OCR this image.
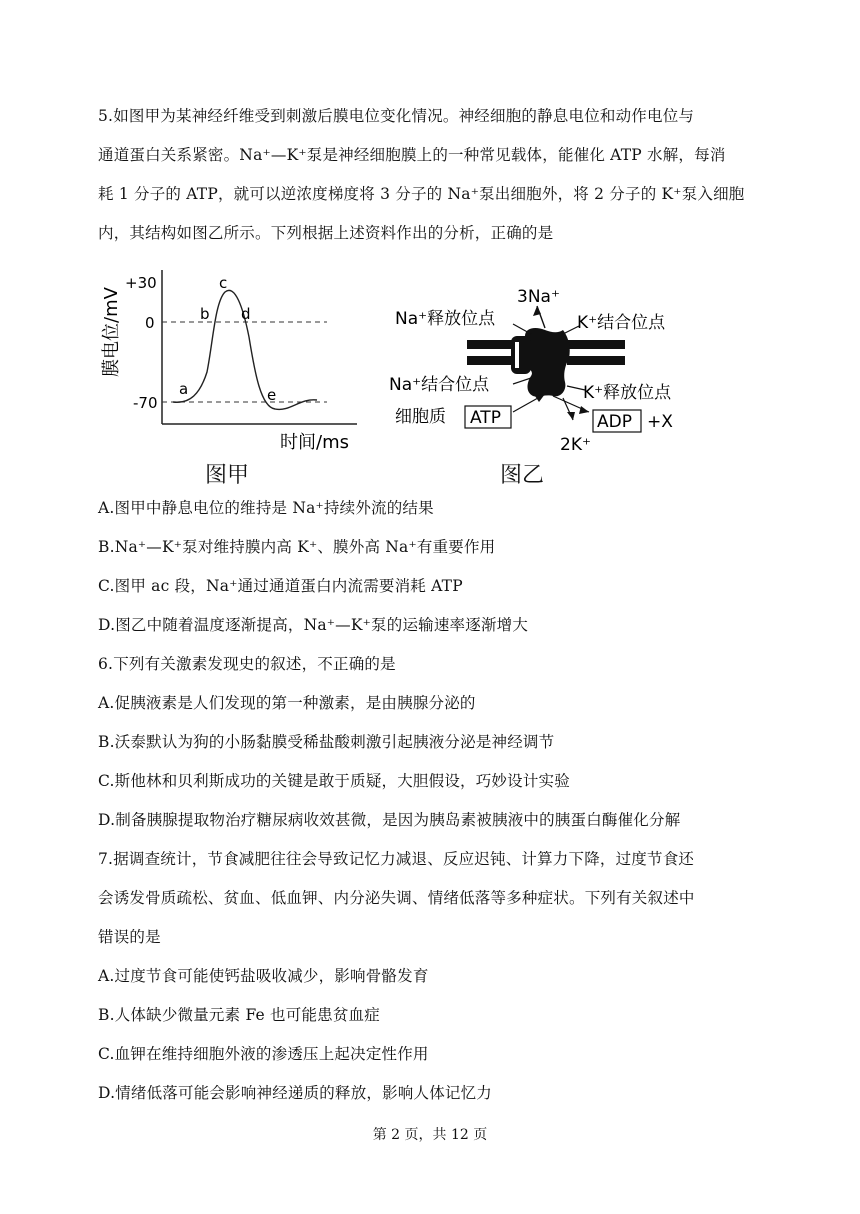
5.如图甲为某神经纤维受到刺激后膜电位变化情况。神经细胞的静息电位和动作电位与
通道蛋白关系紧密。Na⁺—K⁺泵是神经细胞膜上的一种常见载体，能催化 ATP 水解，每消
耗 1 分子的 ATP，就可以逆浓度梯度将 3 分子的 Na⁺泵出细胞外，将 2 分子的 K⁺泵入细胞
内，其结构如图乙所示。下列根据上述资料作出的分析，正确的是
膜电位/mV
+30
0
-70
a
b
c
d
e
时间/ms
图甲
3Na⁺
Na⁺释放位点	K⁺结合位点
Na⁺结合位点	K⁺释放位点
细胞质 ATP	ADP +X
2K⁺
图乙
A.图甲中静息电位的维持是 Na⁺持续外流的结果
B.Na⁺—K⁺泵对维持膜内高 K⁺、膜外高 Na⁺有重要作用
C.图甲 ac 段，Na⁺通过通道蛋白内流需要消耗 ATP
D.图乙中随着温度逐渐提高，Na⁺—K⁺泵的运输速率逐渐增大
6.下列有关激素发现史的叙述，不正确的是
A.促胰液素是人们发现的第一种激素，是由胰腺分泌的
B.沃泰默认为狗的小肠黏膜受稀盐酸刺激引起胰液分泌是神经调节
C.斯他林和贝利斯成功的关键是敢于质疑，大胆假设，巧妙设计实验
D.制备胰腺提取物治疗糖尿病收效甚微，是因为胰岛素被胰液中的胰蛋白酶催化分解
7.据调查统计，节食减肥往往会导致记忆力减退、反应迟钝、计算力下降，过度节食还
会诱发骨质疏松、贫血、低血钾、内分泌失调、情绪低落等多种症状。下列有关叙述中
错误的是
A.过度节食可能使钙盐吸收减少，影响骨骼发育
B.人体缺少微量元素 Fe 也可能患贫血症
C.血钾在维持细胞外液的渗透压上起决定性作用
D.情绪低落可能会影响神经递质的释放，影响人体记忆力
第 2 页，共 12 页
